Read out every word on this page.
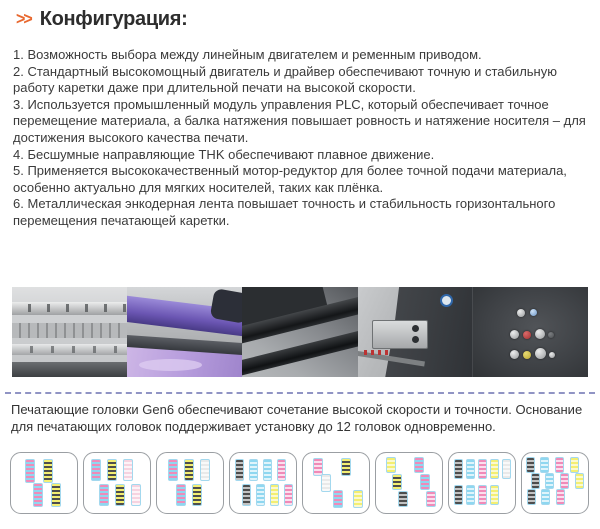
>> Конфигурация:

1. Возможность выбора между линейным двигателем и ременным приводом.

2. Стандартный высокомощный двигатель и драйвер обеспечивают точную и стабильную работу каретки даже при длительной печати на высокой скорости.

3. Используется промышленный модуль управления PLC, который обеспечивает точное перемещение материала, а балка натяжения повышает ровность и натяжение носителя – для достижения высокого качества печати.

4. Бесшумные направляющие THK обеспечивают плавное движение.

5. Применяется высококачественный мотор-редуктор для более точной подачи материала, особенно актуально для мягких носителей, таких как плёнка.

6. Металлическая энкодерная лента повышает точность и стабильность горизонтального перемещения печатающей каретки.

Печатающие головки Gen6 обеспечивают сочетание высокой скорости и точности. Основание для печатающих головок поддерживает установку до 12 головок одновременно.
